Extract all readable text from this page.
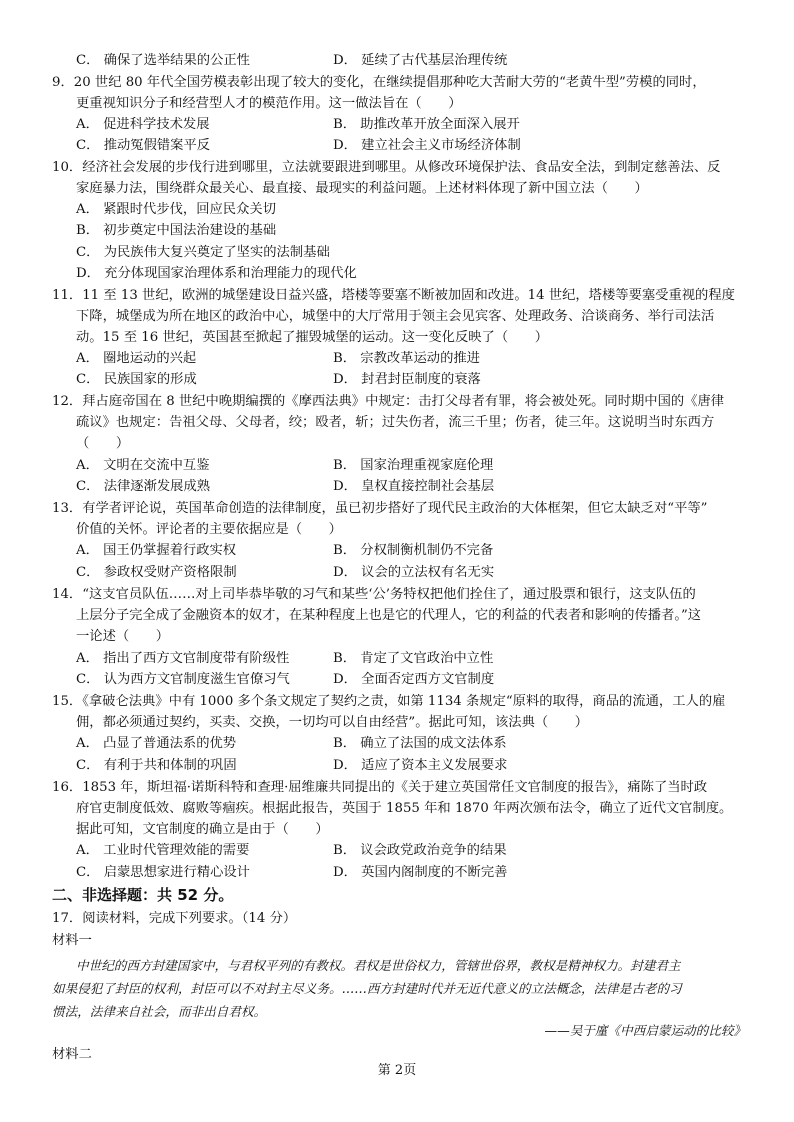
C． 确保了选举结果的公正性	D． 延续了古代基层治理传统
9．20 世纪 80 年代全国劳模表彰出现了较大的变化，在继续提倡那种吃大苦耐大劳的“老黄牛型”劳模的同时，
更重视知识分子和经营型人才的模范作用。这一做法旨在（　　）
A． 促进科学技术发展	B． 助推改革开放全面深入展开
C． 推动冤假错案平反	D． 建立社会主义市场经济体制
10．经济社会发展的步伐行进到哪里，立法就要跟进到哪里。从修改环境保护法、食品安全法，到制定慈善法、反
家庭暴力法，围绕群众最关心、最直接、最现实的利益问题。上述材料体现了新中国立法（　　）
A． 紧跟时代步伐，回应民众关切
B． 初步奠定中国法治建设的基础
C． 为民族伟大复兴奠定了坚实的法制基础
D． 充分体现国家治理体系和治理能力的现代化
11．11 至 13 世纪，欧洲的城堡建设日益兴盛，塔楼等要塞不断被加固和改进。14 世纪，塔楼等要塞受重视的程度
下降，城堡成为所在地区的政治中心，城堡中的大厅常用于领主会见宾客、处理政务、洽谈商务、举行司法活
动。15 至 16 世纪，英国甚至掀起了摧毁城堡的运动。这一变化反映了（　　）
A． 圈地运动的兴起	B． 宗教改革运动的推进
C． 民族国家的形成	D． 封君封臣制度的衰落
12．拜占庭帝国在 8 世纪中晚期编撰的《摩西法典》中规定：击打父母者有罪，将会被处死。同时期中国的《唐律
疏议》也规定：告祖父母、父母者，绞；殴者，斩；过失伤者，流三千里；伤者，徒三年。这说明当时东西方
（　　）
A． 文明在交流中互鉴	B． 国家治理重视家庭伦理
C． 法律逐渐发展成熟	D． 皇权直接控制社会基层
13．有学者评论说，英国革命创造的法律制度，虽已初步搭好了现代民主政治的大体框架，但它太缺乏对“平等”
价值的关怀。评论者的主要依据应是（　　）
A． 国王仍掌握着行政实权	B． 分权制衡机制仍不完备
C． 参政权受财产资格限制	D． 议会的立法权有名无实
14．“这支官员队伍……对上司毕恭毕敬的习气和某些‘公’务特权把他们拴住了，通过股票和银行，这支队伍的
上层分子完全成了金融资本的奴才，在某种程度上也是它的代理人，它的利益的代表者和影响的传播者。”这
一论述（　　）
A． 指出了西方文官制度带有阶级性	B． 肯定了文官政治中立性
C． 认为西方文官制度滋生官僚习气	D． 全面否定西方文官制度
15．《拿破仑法典》中有 1000 多个条文规定了契约之责，如第 1134 条规定“原料的取得，商品的流通，工人的雇
佣，都必须通过契约，买卖、交换，一切均可以自由经营”。据此可知，该法典（　　）
A． 凸显了普通法系的优势	B． 确立了法国的成文法体系
C． 有利于共和体制的巩固	D． 适应了资本主义发展要求
16．1853 年，斯坦福·诺斯科特和查理·屈维廉共同提出的《关于建立英国常任文官制度的报告》，痛陈了当时政
府官吏制度低效、腐败等痼疾。根据此报告，英国于 1855 年和 1870 年两次颁布法令，确立了近代文官制度。
据此可知，文官制度的确立是由于（　　）
A． 工业时代管理效能的需要	B． 议会政党政治竞争的结果
C． 启蒙思想家进行精心设计	D． 英国内阁制度的不断完善
二、非选择题：共 52 分。
17．阅读材料，完成下列要求。（14 分）
材料一
中世纪的西方封建国家中，与君权平列的有教权。君权是世俗权力，管辖世俗界，教权是精神权力。封建君主
如果侵犯了封臣的权利，封臣可以不对封主尽义务。……西方封建时代并无近代意义的立法概念，法律是古老的习
惯法，法律来自社会，而非出自君权。
——吴于廑《中西启蒙运动的比较》
材料二
第 2页
